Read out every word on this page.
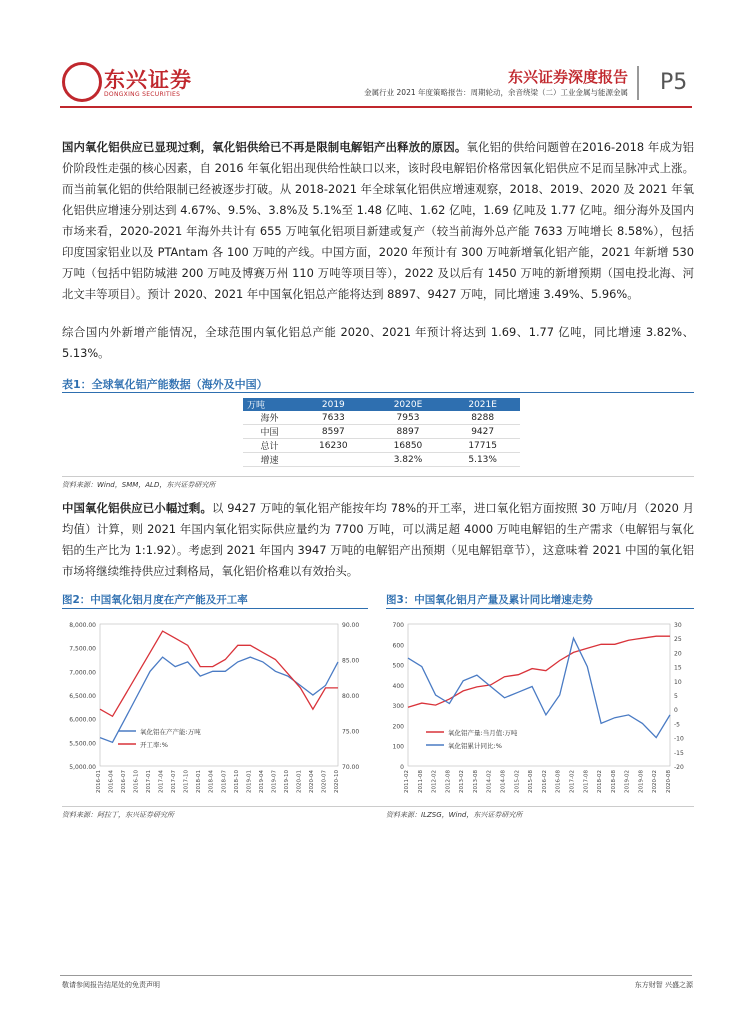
东兴证券
DONGXING SECURITIES
东兴证券深度报告
金属行业 2021 年度策略报告：周期轮动，余音绕梁（二）工业金属与能源金属 P5
国内氧化铝供应已显现过剩，氧化铝供给已不再是限制电解铝产出释放的原因。氧化铝的供给问题曾在2016-2018 年成为铝价阶段性走强的核心因素，自 2016 年氧化铝出现供给性缺口以来，该时段电解铝价格常因氧化铝供应不足而呈脉冲式上涨。而当前氧化铝的供给限制已经被逐步打破。从 2018-2021 年全球氧化铝供应增速观察，2018、2019、2020 及 2021 年氧化铝供应增速分别达到 4.67%、9.5%、3.8%及 5.1%至 1.48 亿吨、1.62 亿吨，1.69 亿吨及 1.77 亿吨。细分海外及国内市场来看，2020-2021 年海外共计有 655 万吨氧化铝项目新建或复产（较当前海外总产能 7633 万吨增长 8.58%），包括印度国家铝业以及 PTAntam 各 100 万吨的产线。中国方面，2020 年预计有 300 万吨新增氧化铝产能，2021 年新增 530 万吨（包括中铝防城港 200 万吨及博赛万州 110 万吨等项目等），2022 及以后有 1450 万吨的新增预期（国电投北海、河北文丰等项目）。预计 2020、2021 年中国氧化铝总产能将达到 8897、9427 万吨，同比增速 3.49%、5.96%。
综合国内外新增产能情况，全球范围内氧化铝总产能 2020、2021 年预计将达到 1.69、1.77 亿吨，同比增速 3.82%、5.13%。
表1：全球氧化铝产能数据（海外及中国）
万吨	2019	2020E	2021E
海外	7633	7953	8288
中国	8597	8897	9427
总计	16230	16850	17715
增速		3.82%	5.13%
资料来源：Wind，SMM，ALD，东兴证券研究所
中国氧化铝供应已小幅过剩。以 9427 万吨的氧化铝产能按年均 78%的开工率，进口氧化铝方面按照 30 万吨/月（2020 月均值）计算，则 2021 年国内氧化铝实际供应量约为 7700 万吨，可以满足超 4000 万吨电解铝的生产需求（电解铝与氧化铝的生产比为 1:1.92）。考虑到 2021 年国内 3947 万吨的电解铝产出预期（见电解铝章节），这意味着 2021 中国的氧化铝市场将继续维持供应过剩格局，氧化铝价格难以有效抬头。
图2：中国氧化铝月度在产产能及开工率	图3：中国氧化铝月产量及累计同比增速走势
8,000.00
7,500.00
7,000.00
6,500.00
6,000.00
5,500.00
5,000.00
90.00
85.00
80.00
75.00
70.00
2016-01 2016-04 2016-07 2016-10 2017-01 2017-04 2017-07 2017-10 2018-01 2018-04 2018-07 2018-10 2019-01 2019-04 2019-07 2019-10 2020-01 2020-04 2020-07 2020-10
氧化铝在产产能:万吨
开工率:%
700
600
500
400
300
200
100
0
30
25
20
15
10
5
0
-5
-10
-15
-20
2011-02 2011-08 2012-02 2012-08 2013-02 2013-08 2014-02 2014-08 2015-02 2015-08 2016-02 2016-08 2017-02 2017-08 2018-02 2018-08 2019-02 2019-08 2020-02 2020-08
氧化铝产量:当月值:万吨
氧化铝累计同比:%
资料来源：阿拉丁，东兴证券研究所	资料来源：ILZSG，Wind，东兴证券研究所
敬请参阅报告结尾处的免责声明	东方财智 兴盛之源
